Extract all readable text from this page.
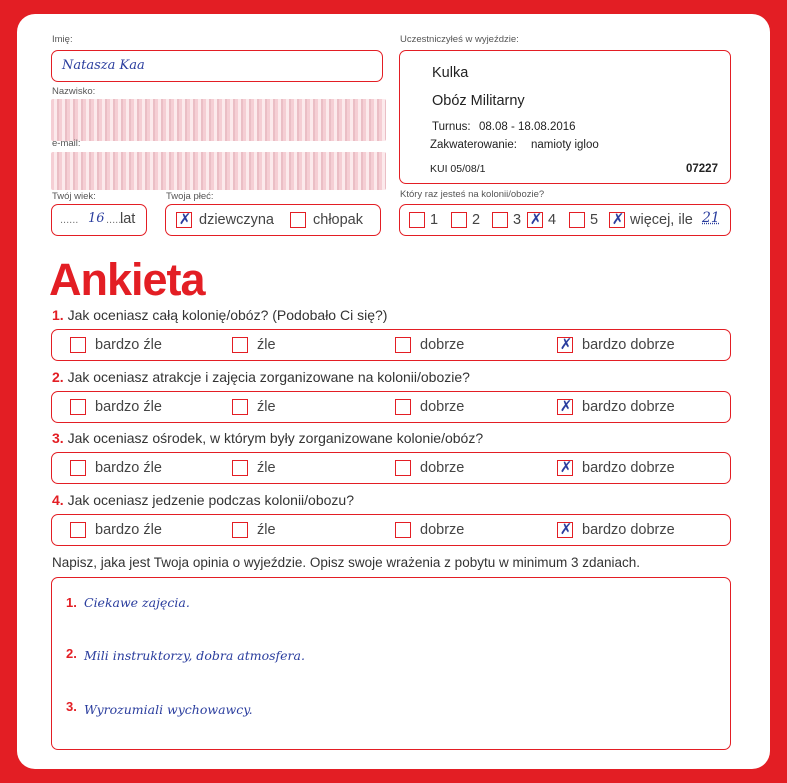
Imię:
Natasza Kaa
Nazwisko:
e-mail:
Twój wiek:
...... 16 ......
lat
Twoja płeć:
✗ dziewczyna	chłopak
Uczestniczyłeś w wyjeździe:
Kulka
Obóz Militarny
Turnus: 08.08 - 18.08.2016
Zakwaterowanie: namioty igloo
KUI 05/08/1	07227
Który raz jesteś na kolonii/obozie?
1 2 3 ✗ 4 5 ✗ więcej, ile 21
Ankieta
1. Jak oceniasz całą kolonię/obóz? (Podobało Ci się?)
bardzo źle	źle	dobrze	✗ bardzo dobrze
2. Jak oceniasz atrakcje i zajęcia zorganizowane na kolonii/obozie?
bardzo źle	źle	dobrze	✗ bardzo dobrze
3. Jak oceniasz ośrodek, w którym były zorganizowane kolonie/obóz?
bardzo źle	źle	dobrze	✗ bardzo dobrze
4. Jak oceniasz jedzenie podczas kolonii/obozu?
bardzo źle	źle	dobrze	✗ bardzo dobrze
Napisz, jaka jest Twoja opinia o wyjeździe. Opisz swoje wrażenia z pobytu w minimum 3 zdaniach.
1. Ciekawe zajęcia.
2. Mili instruktorzy, dobra atmosfera.
3. Wyrozumiali wychowawcy.
